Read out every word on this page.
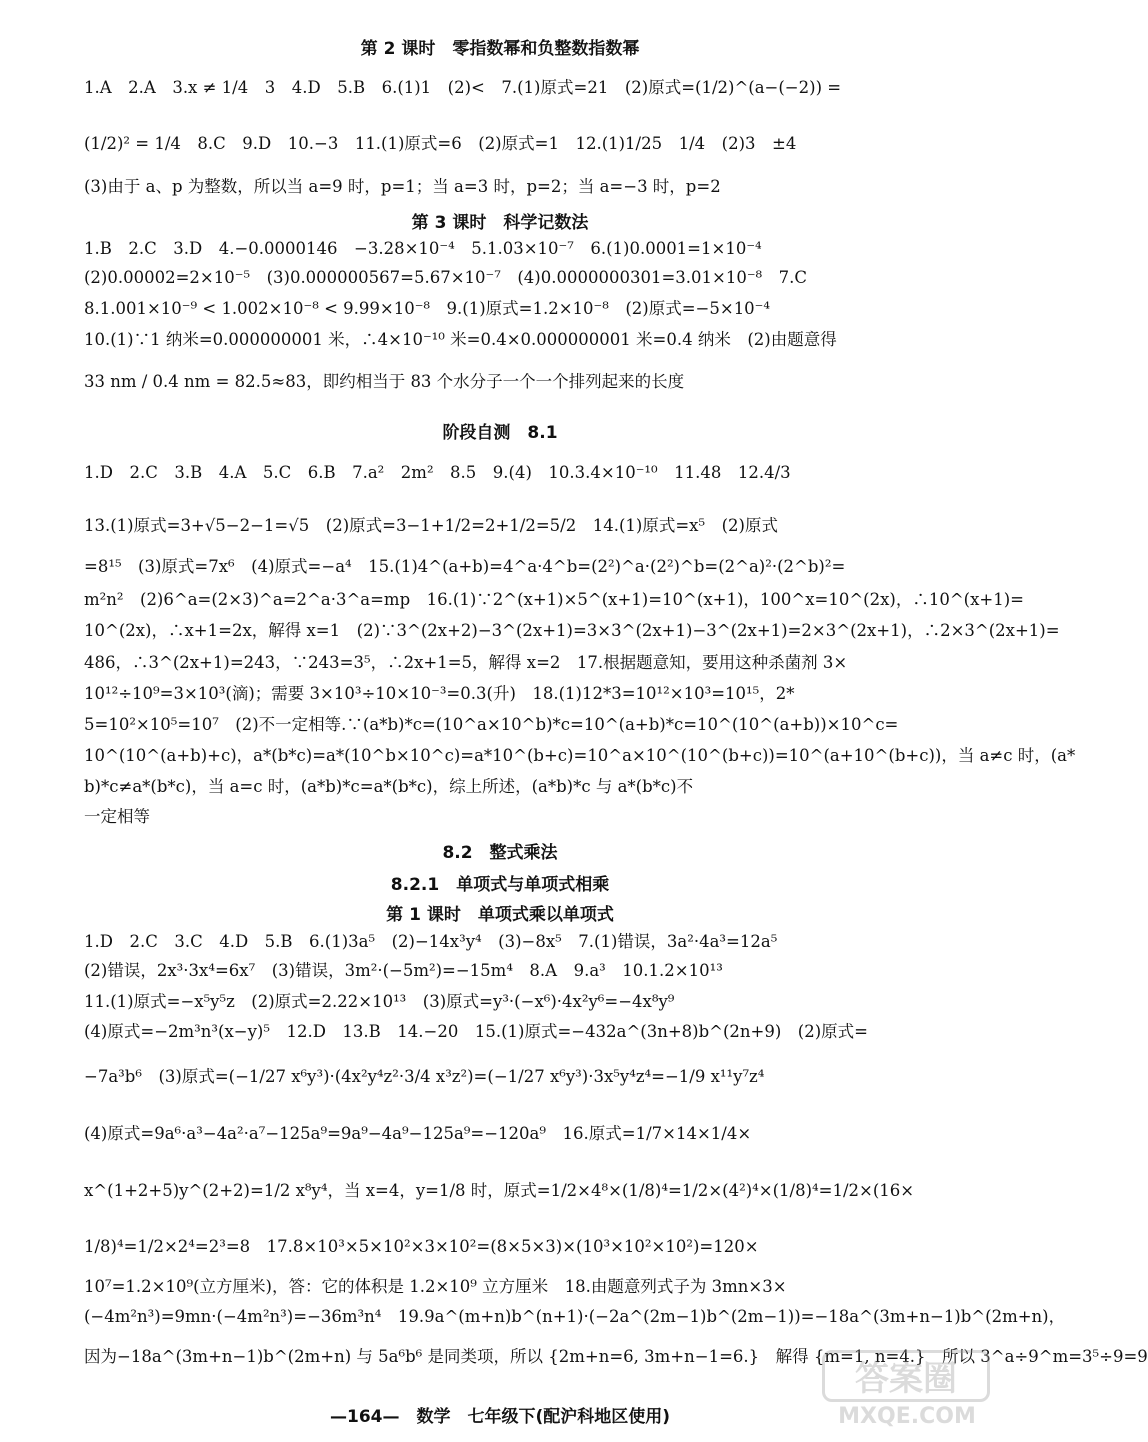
第 2 课时　零指数幂和负整数指数幂
1.A　2.A　3.x ≠ 1/4　3　4.D　5.B　6.(1)1　(2)<　7.(1)原式=21　(2)原式=(1/2)^(a−(−2)) =
(1/2)² = 1/4　8.C　9.D　10.−3　11.(1)原式=6　(2)原式=1　12.(1)1/25　1/4　(2)3　±4
(3)由于 a、p 为整数，所以当 a=9 时，p=1；当 a=3 时，p=2；当 a=−3 时，p=2
第 3 课时　科学记数法
1.B　2.C　3.D　4.−0.0000146　−3.28×10⁻⁴　5.1.03×10⁻⁷　6.(1)0.0001=1×10⁻⁴
(2)0.00002=2×10⁻⁵　(3)0.000000567=5.67×10⁻⁷　(4)0.0000000301=3.01×10⁻⁸　7.C
8.1.001×10⁻⁹ < 1.002×10⁻⁸ < 9.99×10⁻⁸　9.(1)原式=1.2×10⁻⁸　(2)原式=−5×10⁻⁴
10.(1)∵1 纳米=0.000000001 米，∴4×10⁻¹⁰ 米=0.4×0.000000001 米=0.4 纳米　(2)由题意得
33 nm / 0.4 nm = 82.5≈83，即约相当于 83 个水分子一个一个排列起来的长度
阶段自测　8.1
1.D　2.C　3.B　4.A　5.C　6.B　7.a²　2m²　8.5　9.(4)　10.3.4×10⁻¹⁰　11.48　12.4/3
13.(1)原式=3+√5−2−1=√5　(2)原式=3−1+1/2=2+1/2=5/2　14.(1)原式=x⁵　(2)原式
=8¹⁵　(3)原式=7x⁶　(4)原式=−a⁴　15.(1)4^(a+b)=4^a·4^b=(2²)^a·(2²)^b=(2^a)²·(2^b)²=
m²n²　(2)6^a=(2×3)^a=2^a·3^a=mp　16.(1)∵2^(x+1)×5^(x+1)=10^(x+1)，100^x=10^(2x)，∴10^(x+1)=
10^(2x)，∴x+1=2x，解得 x=1　(2)∵3^(2x+2)−3^(2x+1)=3×3^(2x+1)−3^(2x+1)=2×3^(2x+1)，∴2×3^(2x+1)=
486，∴3^(2x+1)=243，∵243=3⁵，∴2x+1=5，解得 x=2　17.根据题意知，要用这种杀菌剂 3×
10¹²÷10⁹=3×10³(滴)；需要 3×10³÷10×10⁻³=0.3(升)　18.(1)12*3=10¹²×10³=10¹⁵，2*
5=10²×10⁵=10⁷　(2)不一定相等.∵(a*b)*c=(10^a×10^b)*c=10^(a+b)*c=10^(10^(a+b))×10^c=
10^(10^(a+b)+c)，a*(b*c)=a*(10^b×10^c)=a*10^(b+c)=10^a×10^(10^(b+c))=10^(a+10^(b+c))，当 a≠c 时，(a*
b)*c≠a*(b*c)，当 a=c 时，(a*b)*c=a*(b*c)，综上所述，(a*b)*c 与 a*(b*c)不
一定相等
8.2　整式乘法
8.2.1　单项式与单项式相乘
第 1 课时　单项式乘以单项式
1.D　2.C　3.C　4.D　5.B　6.(1)3a⁵　(2)−14x³y⁴　(3)−8x⁵　7.(1)错误，3a²·4a³=12a⁵
(2)错误，2x³·3x⁴=6x⁷　(3)错误，3m²·(−5m²)=−15m⁴　8.A　9.a³　10.1.2×10¹³
11.(1)原式=−x⁵y⁵z　(2)原式=2.22×10¹³　(3)原式=y³·(−x⁶)·4x²y⁶=−4x⁸y⁹
(4)原式=−2m³n³(x−y)⁵　12.D　13.B　14.−20　15.(1)原式=−432a^(3n+8)b^(2n+9)　(2)原式=
−7a³b⁶　(3)原式=(−1/27 x⁶y³)·(4x²y⁴z²·3/4 x³z²)=(−1/27 x⁶y³)·3x⁵y⁴z⁴=−1/9 x¹¹y⁷z⁴
(4)原式=9a⁶·a³−4a²·a⁷−125a⁹=9a⁹−4a⁹−125a⁹=−120a⁹　16.原式=1/7×14×1/4×
x^(1+2+5)y^(2+2)=1/2 x⁸y⁴，当 x=4，y=1/8 时，原式=1/2×4⁸×(1/8)⁴=1/2×(4²)⁴×(1/8)⁴=1/2×(16×
1/8)⁴=1/2×2⁴=2³=8　17.8×10³×5×10²×3×10²=(8×5×3)×(10³×10²×10²)=120×
10⁷=1.2×10⁹(立方厘米)，答：它的体积是 1.2×10⁹ 立方厘米　18.由题意列式子为 3mn×3×
(−4m²n³)=9mn·(−4m²n³)=−36m³n⁴　19.9a^(m+n)b^(n+1)·(−2a^(2m−1)b^(2m−1))=−18a^(3m+n−1)b^(2m+n)，
因为−18a^(3m+n−1)b^(2m+n) 与 5a⁶b⁶ 是同类项，所以 {2m+n=6, 3m+n−1=6.}　解得 {m=1, n=4.}　所以 3^a÷9^m=3⁵÷9=9
—164—　数学　七年级下(配沪科地区使用)
答案圈
MXQE.COM
